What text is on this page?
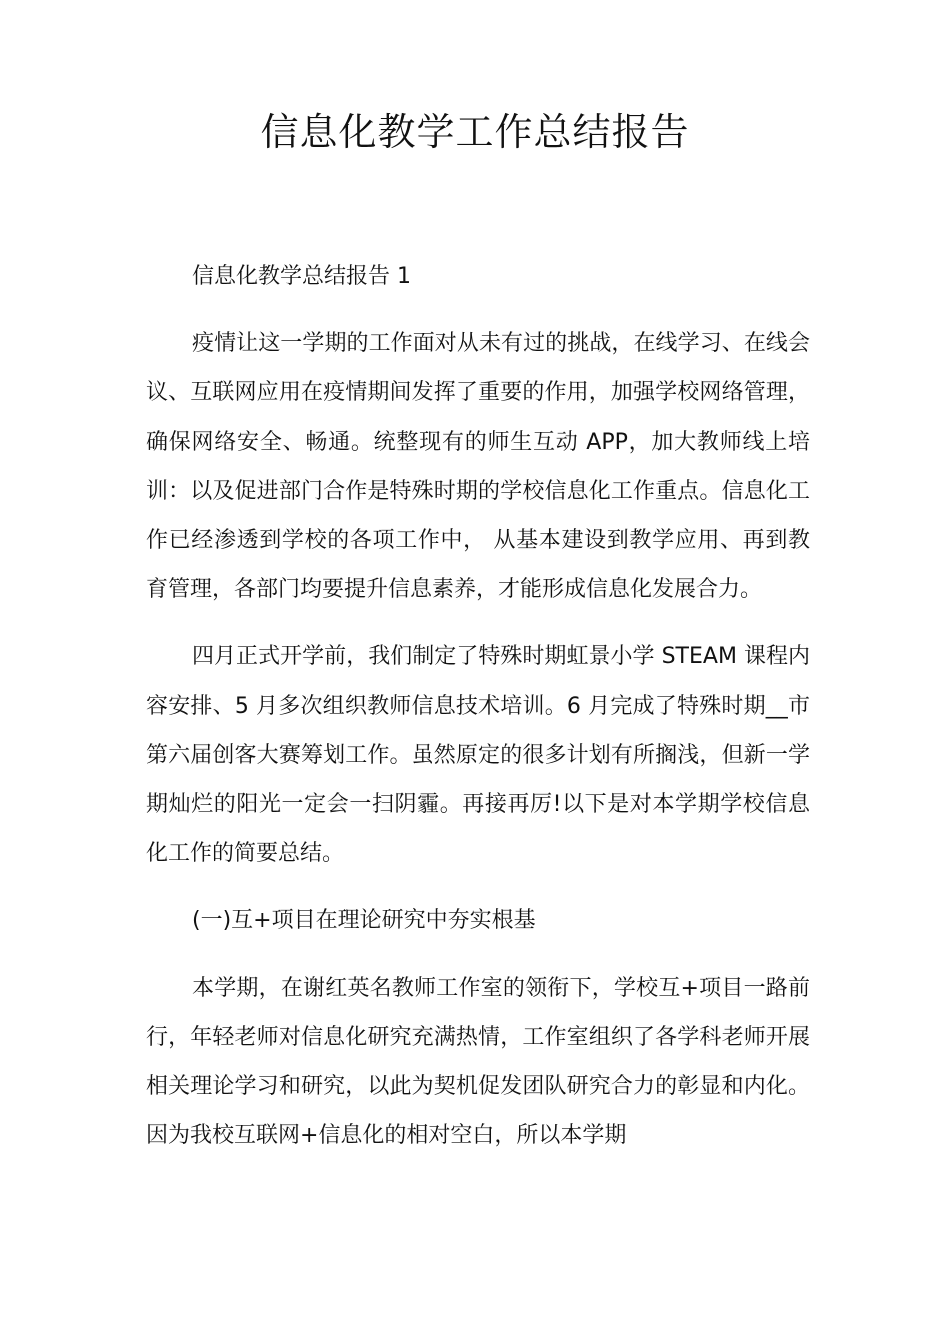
信息化教学工作总结报告

信息化教学总结报告 1

疫情让这一学期的工作面对从未有过的挑战，在线学习、在线会议、互联网应用在疫情期间发挥了重要的作用，加强学校网络管理，确保网络安全、畅通。统整现有的师生互动 APP，加大教师线上培训：以及促进部门合作是特殊时期的学校信息化工作重点。信息化工作已经渗透到学校的各项工作中， 从基本建设到教学应用、再到教育管理，各部门均要提升信息素养，才能形成信息化发展合力。

四月正式开学前，我们制定了特殊时期虹景小学 STEAM 课程内容安排、5 月多次组织教师信息技术培训。6 月完成了特殊时期__市第六届创客大赛筹划工作。虽然原定的很多计划有所搁浅，但新一学期灿烂的阳光一定会一扫阴霾。再接再厉!以下是对本学期学校信息化工作的简要总结。

(一)互+项目在理论研究中夯实根基

本学期，在谢红英名教师工作室的领衔下，学校互+项目一路前行，年轻老师对信息化研究充满热情，工作室组织了各学科老师开展相关理论学习和研究，以此为契机促发团队研究合力的彰显和内化。因为我校互联网+信息化的相对空白，所以本学期
